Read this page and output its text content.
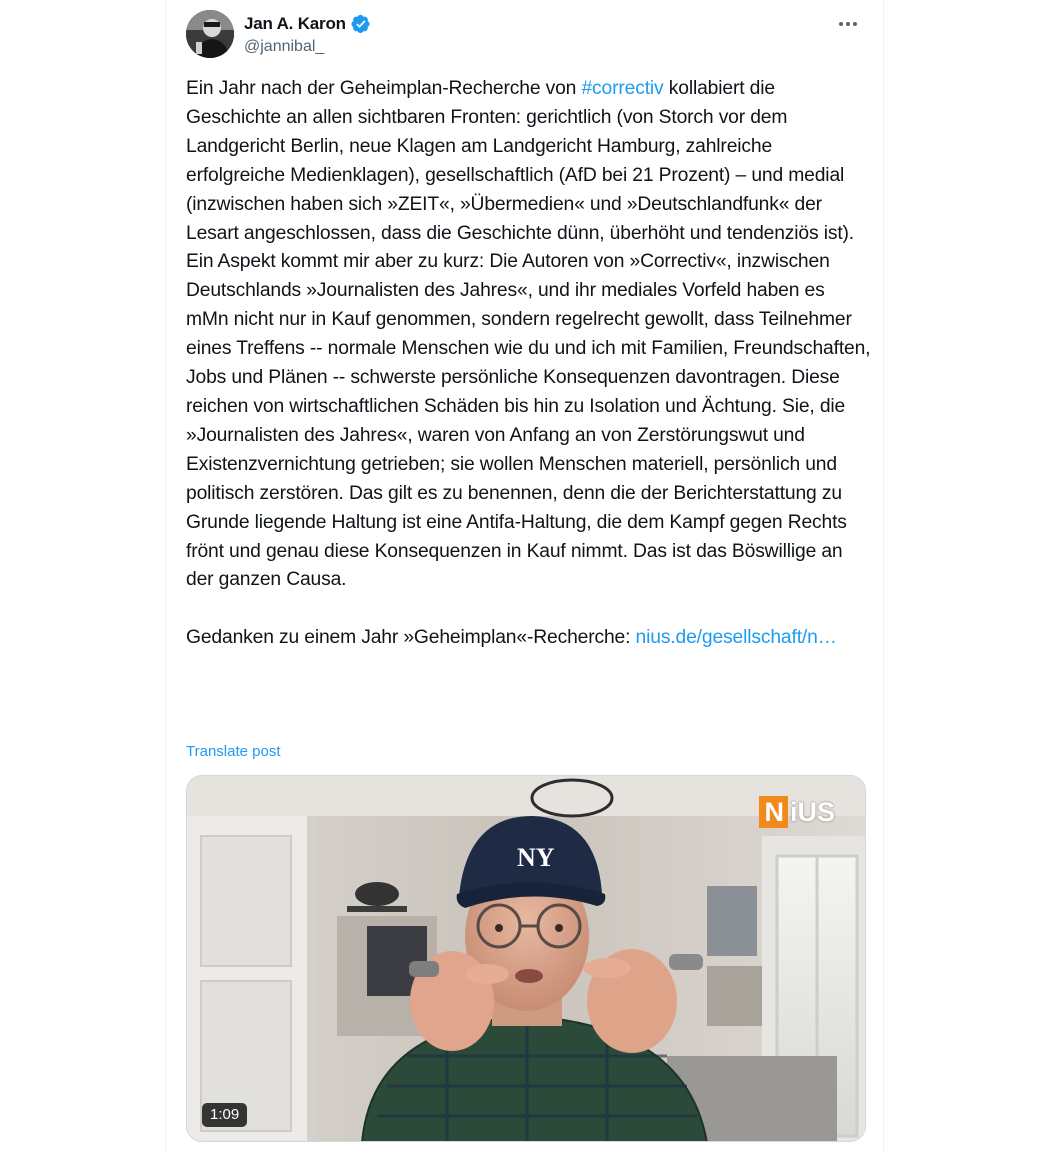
Jan A. Karon
@jannibal_
Ein Jahr nach der Geheimplan-Recherche von #correctiv kollabiert die Geschichte an allen sichtbaren Fronten: gerichtlich (von Storch vor dem Landgericht Berlin, neue Klagen am Landgericht Hamburg, zahlreiche erfolgreiche Medienklagen), gesellschaftlich (AfD bei 21 Prozent) – und medial (inzwischen haben sich »ZEIT«, »Übermedien« und »Deutschlandfunk« der Lesart angeschlossen, dass die Geschichte dünn, überhöht und tendenziös ist). Ein Aspekt kommt mir aber zu kurz: Die Autoren von »Correctiv«, inzwischen Deutschlands »Journalisten des Jahres«, und ihr mediales Vorfeld haben es mMn nicht nur in Kauf genommen, sondern regelrecht gewollt, dass Teilnehmer eines Treffens -- normale Menschen wie du und ich mit Familien, Freundschaften, Jobs und Plänen -- schwerste persönliche Konsequenzen davontragen. Diese reichen von wirtschaftlichen Schäden bis hin zu Isolation und Ächtung. Sie, die »Journalisten des Jahres«, waren von Anfang an von Zerstörungswut und Existenzvernichtung getrieben; sie wollen Menschen materiell, persönlich und politisch zerstören. Das gilt es zu benennen, denn die der Berichterstattung zu Grunde liegende Haltung ist eine Antifa-Haltung, die dem Kampf gegen Rechts frönt und genau diese Konsequenzen in Kauf nimmt. Das ist das Böswillige an der ganzen Causa.

Gedanken zu einem Jahr »Geheimplan«-Recherche: nius.de/gesellschaft/n…
Translate post
NY
N iUS
1:09
